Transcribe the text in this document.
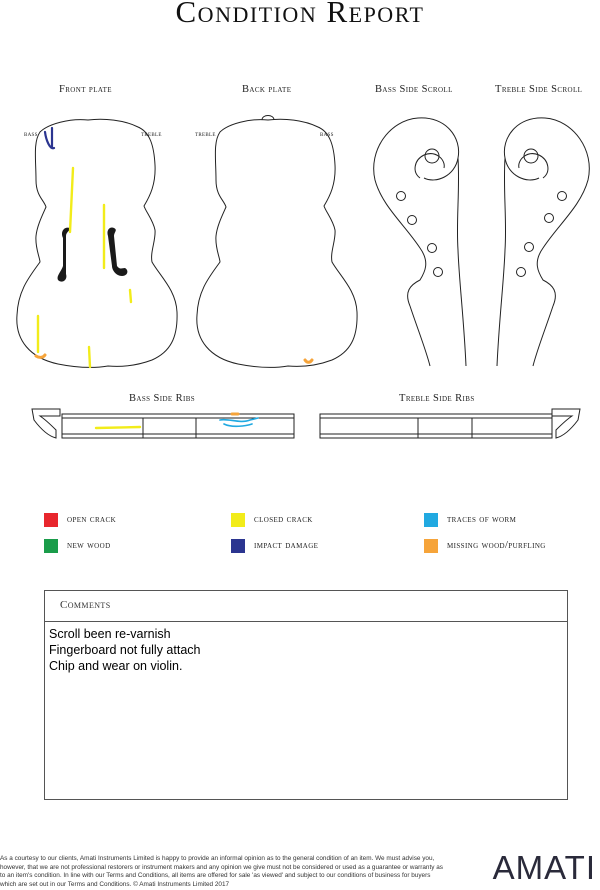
Condition Report
Front plate	Back plate	Bass Side Scroll	Treble Side Scroll
Bass Side Ribs	Treble Side Ribs
bass	treble	treble	bass
open crack	closed crack	traces of worm
new wood	impact damage	missing wood/purfling
Comments
Scroll been re-varnish
Fingerboard not fully attach
Chip and wear on violin.
As a courtesy to our clients, Amati Instruments Limited is happy to provide an informal opinion as to the general condition of an item. We must advise you, however, that we are not professional restorers or instrument makers and any opinion we give must not be considered or used as a guarantee or warranty as to an item's condition. In line with our Terms and Conditions, all items are offered for sale 'as viewed' and subject to our conditions of business for buyers which are set out in our Terms and Conditions. © Amati Instruments Limited 2017	AMATI
